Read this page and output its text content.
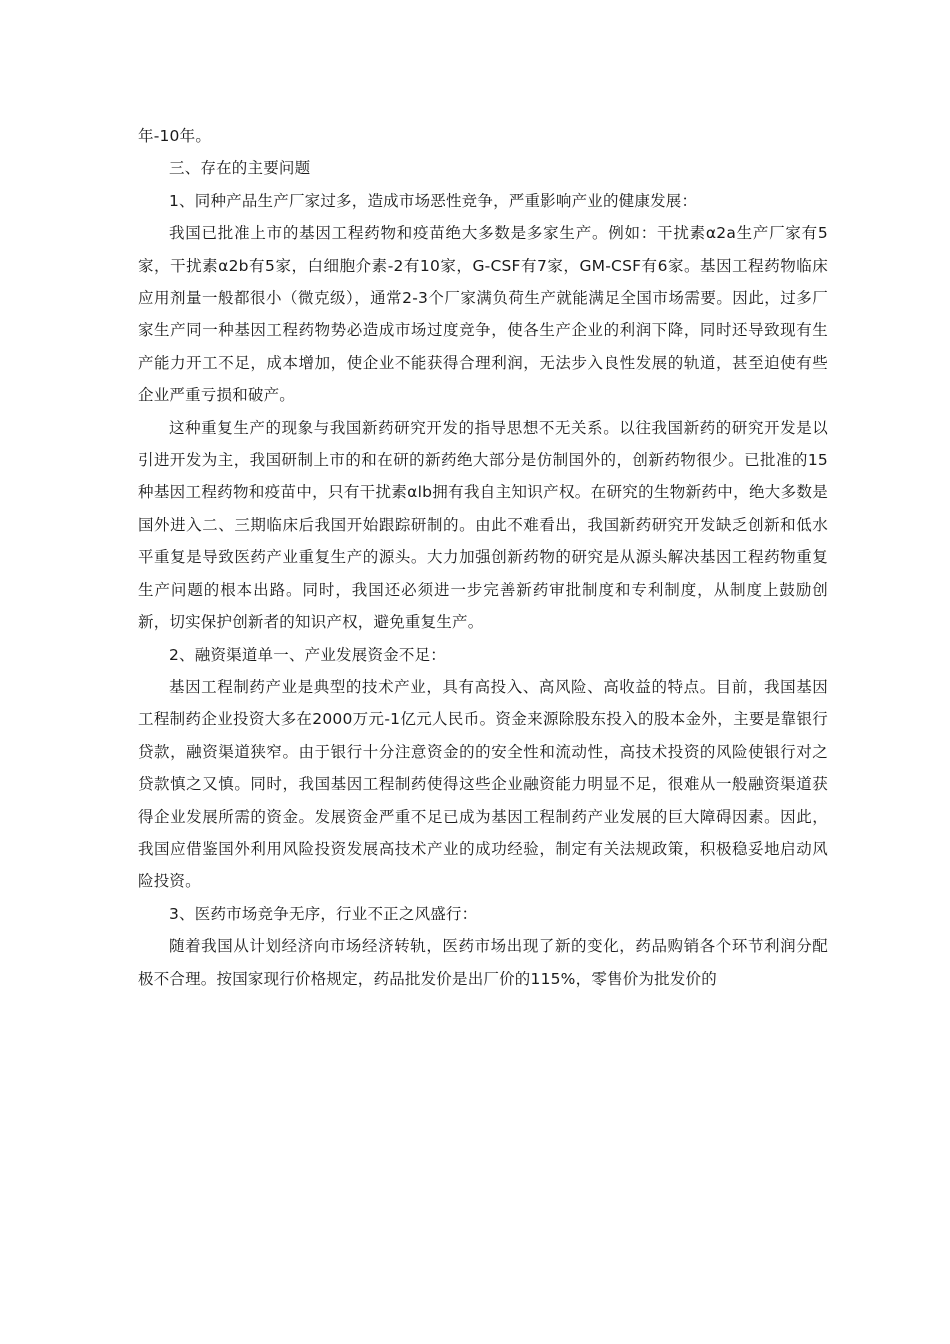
年-10年。

三、存在的主要问题

1、同种产品生产厂家过多，造成市场恶性竞争，严重影响产业的健康发展：

我国已批准上市的基因工程药物和疫苗绝大多数是多家生产。例如：干扰素α2a生产厂家有5家，干扰素α2b有5家，白细胞介素-2有10家，G-CSF有7家，GM-CSF有6家。基因工程药物临床应用剂量一般都很小（微克级），通常2-3个厂家满负荷生产就能满足全国市场需要。因此，过多厂家生产同一种基因工程药物势必造成市场过度竞争，使各生产企业的利润下降，同时还导致现有生产能力开工不足，成本增加，使企业不能获得合理利润，无法步入良性发展的轨道，甚至迫使有些企业严重亏损和破产。

这种重复生产的现象与我国新药研究开发的指导思想不无关系。以往我国新药的研究开发是以引进开发为主，我国研制上市的和在研的新药绝大部分是仿制国外的，创新药物很少。已批准的15种基因工程药物和疫苗中，只有干扰素αlb拥有我自主知识产权。在研究的生物新药中，绝大多数是国外进入二、三期临床后我国开始跟踪研制的。由此不难看出，我国新药研究开发缺乏创新和低水平重复是导致医药产业重复生产的源头。大力加强创新药物的研究是从源头解决基因工程药物重复生产问题的根本出路。同时，我国还必须进一步完善新药审批制度和专利制度，从制度上鼓励创新，切实保护创新者的知识产权，避免重复生产。

2、融资渠道单一、产业发展资金不足：

基因工程制药产业是典型的技术产业，具有高投入、高风险、高收益的特点。目前，我国基因工程制药企业投资大多在2000万元-1亿元人民币。资金来源除股东投入的股本金外，主要是靠银行贷款，融资渠道狭窄。由于银行十分注意资金的的安全性和流动性，高技术投资的风险使银行对之贷款慎之又慎。同时，我国基因工程制药使得这些企业融资能力明显不足，很难从一般融资渠道获得企业发展所需的资金。发展资金严重不足已成为基因工程制药产业发展的巨大障碍因素。因此，我国应借鉴国外利用风险投资发展高技术产业的成功经验，制定有关法规政策，积极稳妥地启动风险投资。

3、医药市场竞争无序，行业不正之风盛行：

随着我国从计划经济向市场经济转轨，医药市场出现了新的变化，药品购销各个环节利润分配极不合理。按国家现行价格规定，药品批发价是出厂价的115%，零售价为批发价的
